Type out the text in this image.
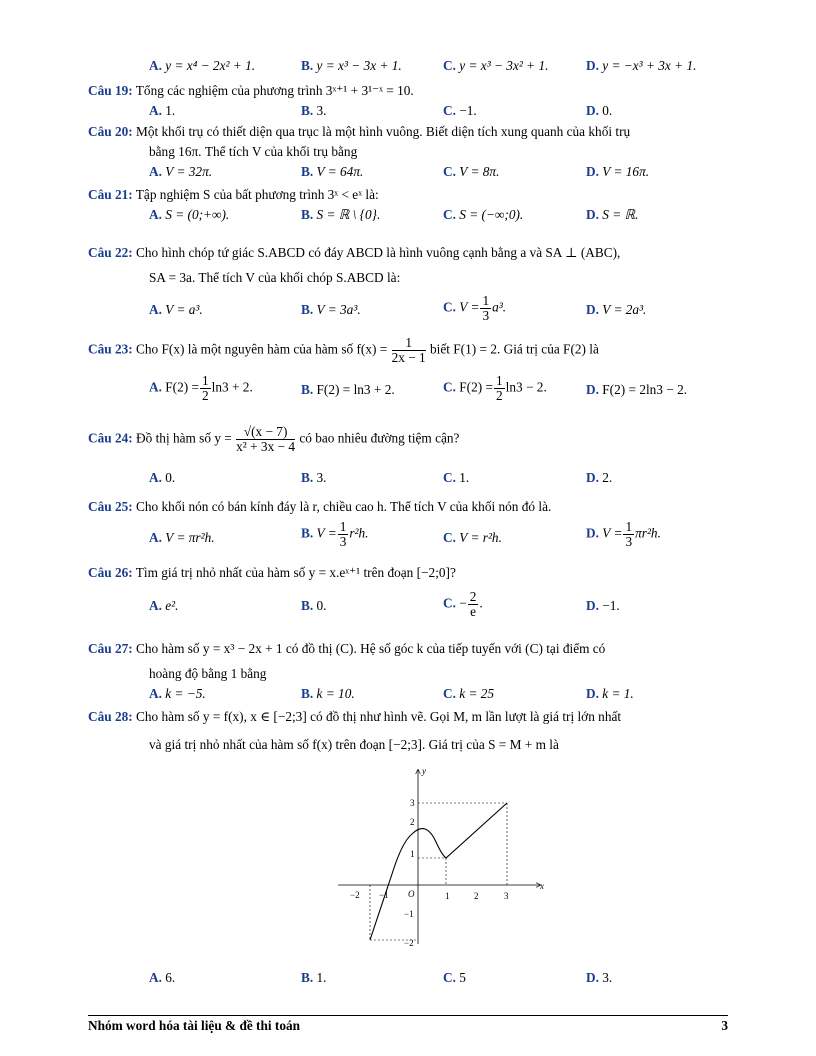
A. y = x⁴ − 2x² + 1.	B. y = x³ − 3x + 1.	C. y = x³ − 3x² + 1.	D. y = −x³ + 3x + 1.
Câu 19: Tổng các nghiệm của phương trình 3ˣ⁺¹ + 3¹⁻ˣ = 10.
A. 1.	B. 3.	C. −1.	D. 0.
Câu 20: Một khối trụ có thiết diện qua trục là một hình vuông. Biết diện tích xung quanh của khối trụ
bằng 16π. Thể tích V của khối trụ bằng
A. V = 32π.	B. V = 64π.	C. V = 8π.	D. V = 16π.
Câu 21: Tập nghiệm S của bất phương trình 3ˣ < eˣ là:
A. S = (0;+∞).	B. S = ℝ \ {0}.	C. S = (−∞;0).	D. S = ℝ.
Câu 22: Cho hình chóp tứ giác S.ABCD có đáy ABCD là hình vuông cạnh bằng a và SA ⊥ (ABC),
SA = 3a. Thể tích V của khối chóp S.ABCD là:
A. V = a³.	B. V = 3a³.	C. $V = \frac{1}{3} a^3$.	D. V = 2a³.
Câu 23: Cho F(x) là một nguyên hàm của hàm số $f(x) = \frac{1}{2x - 1}$ biết F(1) = 2. Giá trị của F(2) là
A. $F(2) = \frac{1}{2} \ln 3 + 2$.	B. F(2) = ln3 + 2.	C. $F(2) = \frac{1}{2} \ln 3 - 2$.	D. F(2) = 2ln3 − 2.
Câu 24: Đồ thị hàm số $y = \frac{√(x - 7)}{\text{x² + 3x − 4}}$ có bao nhiêu đường tiệm cận?
A. 0.	B. 3.	C. 1.	D. 2.
Câu 25: Cho khối nón có bán kính đáy là r, chiều cao h. Thể tích V của khối nón đó là.
A. V = πr²h.	B. $V = \frac{1}{3} r^2h$.	C. V = r²h.	D. $V = \frac{1}{3} \pi r^2h$.
Câu 26: Tìm giá trị nhỏ nhất của hàm số y = x.eˣ⁺¹ trên đoạn [−2;0]?
A. e².	B. 0.	C. − $\frac{2}{e}$ .	D. −1.
Câu 27: Cho hàm số y = x³ − 2x + 1 có đồ thị (C). Hệ số góc k của tiếp tuyến với (C) tại điểm có
hoàng độ bằng 1 bằng
A. k = −5.	B. k = 10.	C. k = 25	D. k = 1.
Câu 28: Cho hàm số y = f(x), x ∈ [−2;3] có đồ thị như hình vẽ. Gọi M, m lần lượt là giá trị lớn nhất
và giá trị nhỏ nhất của hàm số f(x) trên đoạn [−2;3]. Giá trị của S = M + m là
x
y
O
−2 −1	1	2	3
3
2
1
−1
−2
A. 6.	B. 1.	C. 5	D. 3.
Nhóm word hóa tài liệu & đề thi toán	3
